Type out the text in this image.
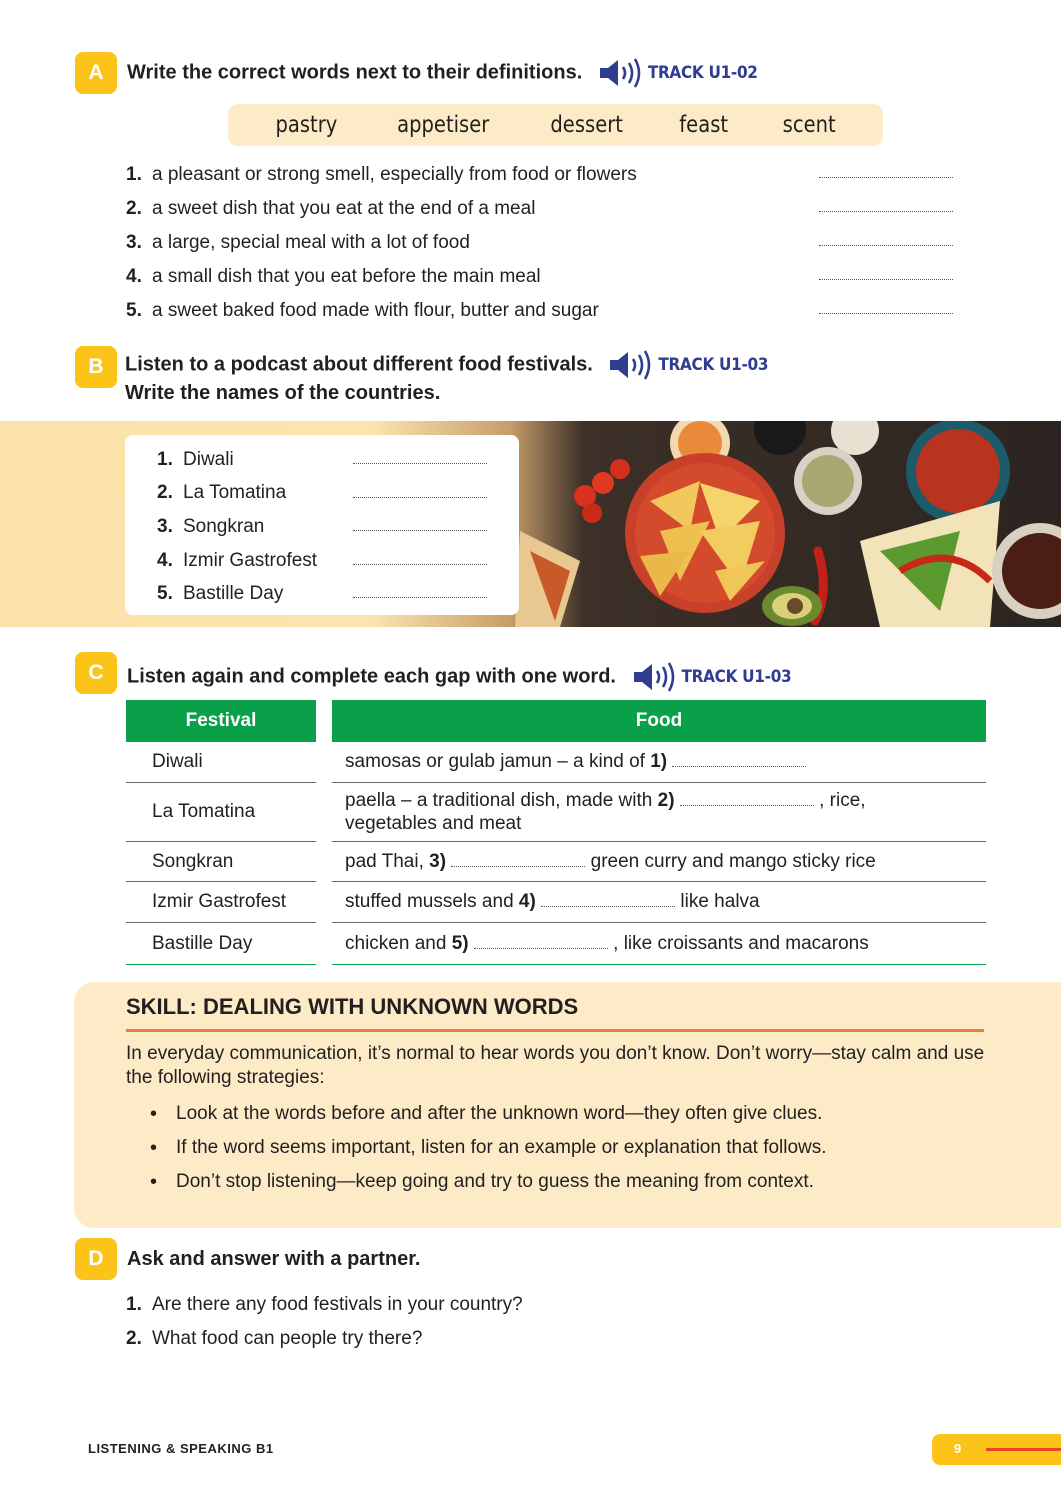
A	Write the correct words next to their definitions.	TRACK U1-02
pastry	appetiser	dessert feast scent
1. a pleasant or strong smell, especially from food or flowers
2. a sweet dish that you eat at the end of a meal
3. a large, special meal with a lot of food
4. a small dish that you eat before the main meal
5. a sweet baked food made with flour, butter and sugar
B	Listen to a podcast about different food festivals.	TRACK U1-03
Write the names of the countries.
1. Diwali
2. La Tomatina
3. Songkran
4. Izmir Gastrofest
5. Bastille Day
C	Listen again and complete each gap with one word.	TRACK U1-03
Festival		Food
Diwali		samosas or gulab jamun – a kind of 1)
La Tomatina		paella – a traditional dish, made with 2) , rice,
vegetables and meat
Songkran		pad Thai, 3) green curry and mango sticky rice
Izmir Gastrofest		stuffed mussels and 4) like halva
Bastille Day		chicken and 5) , like croissants and macarons
SKILL: DEALING WITH UNKNOWN WORDS
In everyday communication, it’s normal to hear words you don’t know. Don’t worry—stay calm and use the following strategies:
• Look at the words before and after the unknown word—they often give clues.
• If the word seems important, listen for an example or explanation that follows.
• Don’t stop listening—keep going and try to guess the meaning from context.
D	Ask and answer with a partner.
1. Are there any food festivals in your country?
2. What food can people try there?
LISTENING & SPEAKING B1	9
